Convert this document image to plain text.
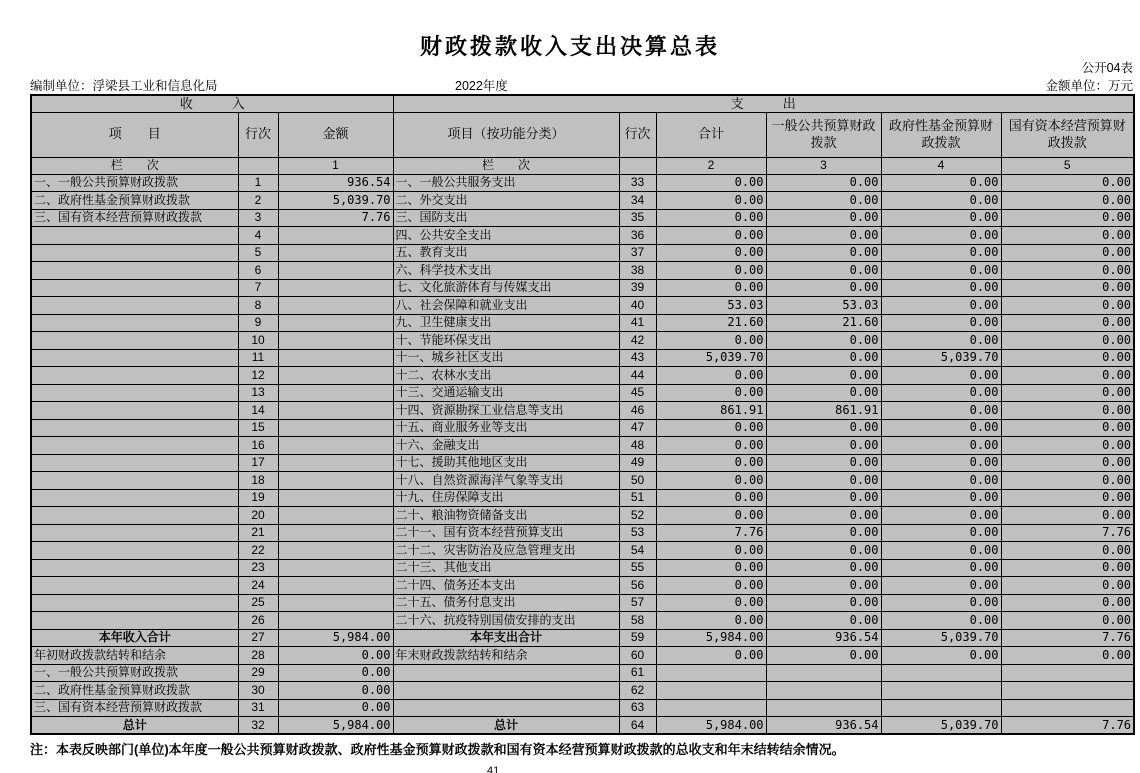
财政拨款收入支出决算总表
公开04表
编制单位：浮梁县工业和信息化局	2022年度	金额单位：万元
收　　　入			支　　　出					
项　　目	行次	金额	项目（按功能分类）	行次	合计	一般公共预算财政拨款	政府性基金预算财政拨款	国有资本经营预算财政拨款
栏　　次		1	栏　　次		2	3	4	5
一、一般公共预算财政拨款	1	936.54	一、一般公共服务支出	33	0.00	0.00	0.00	0.00
二、政府性基金预算财政拨款	2	5,039.70	二、外交支出	34	0.00	0.00	0.00	0.00
三、国有资本经营预算财政拨款	3	7.76	三、国防支出	35	0.00	0.00	0.00	0.00
	4		四、公共安全支出	36	0.00	0.00	0.00	0.00
	5		五、教育支出	37	0.00	0.00	0.00	0.00
	6		六、科学技术支出	38	0.00	0.00	0.00	0.00
	7		七、文化旅游体育与传媒支出	39	0.00	0.00	0.00	0.00
	8		八、社会保障和就业支出	40	53.03	53.03	0.00	0.00
	9		九、卫生健康支出	41	21.60	21.60	0.00	0.00
	10		十、节能环保支出	42	0.00	0.00	0.00	0.00
	11		十一、城乡社区支出	43	5,039.70	0.00	5,039.70	0.00
	12		十二、农林水支出	44	0.00	0.00	0.00	0.00
	13		十三、交通运输支出	45	0.00	0.00	0.00	0.00
	14		十四、资源勘探工业信息等支出	46	861.91	861.91	0.00	0.00
	15		十五、商业服务业等支出	47	0.00	0.00	0.00	0.00
	16		十六、金融支出	48	0.00	0.00	0.00	0.00
	17		十七、援助其他地区支出	49	0.00	0.00	0.00	0.00
	18		十八、自然资源海洋气象等支出	50	0.00	0.00	0.00	0.00
	19		十九、住房保障支出	51	0.00	0.00	0.00	0.00
	20		二十、粮油物资储备支出	52	0.00	0.00	0.00	0.00
	21		二十一、国有资本经营预算支出	53	7.76	0.00	0.00	7.76
	22		二十二、灾害防治及应急管理支出	54	0.00	0.00	0.00	0.00
	23		二十三、其他支出	55	0.00	0.00	0.00	0.00
	24		二十四、债务还本支出	56	0.00	0.00	0.00	0.00
	25		二十五、债务付息支出	57	0.00	0.00	0.00	0.00
	26		二十六、抗疫特别国债安排的支出	58	0.00	0.00	0.00	0.00
本年收入合计	27	5,984.00	本年支出合计	59	5,984.00	936.54	5,039.70	7.76
年初财政拨款结转和结余	28	0.00	年末财政拨款结转和结余	60	0.00	0.00	0.00	0.00
一、一般公共预算财政拨款	29	0.00		61				
二、政府性基金预算财政拨款	30	0.00		62				
三、国有资本经营预算财政拨款	31	0.00		63				
总计	32	5,984.00	总计	64	5,984.00	936.54	5,039.70	7.76
注：本表反映部门(单位)本年度一般公共预算财政拨款、政府性基金预算财政拨款和国有资本经营预算财政拨款的总收支和年末结转结余情况。
41
